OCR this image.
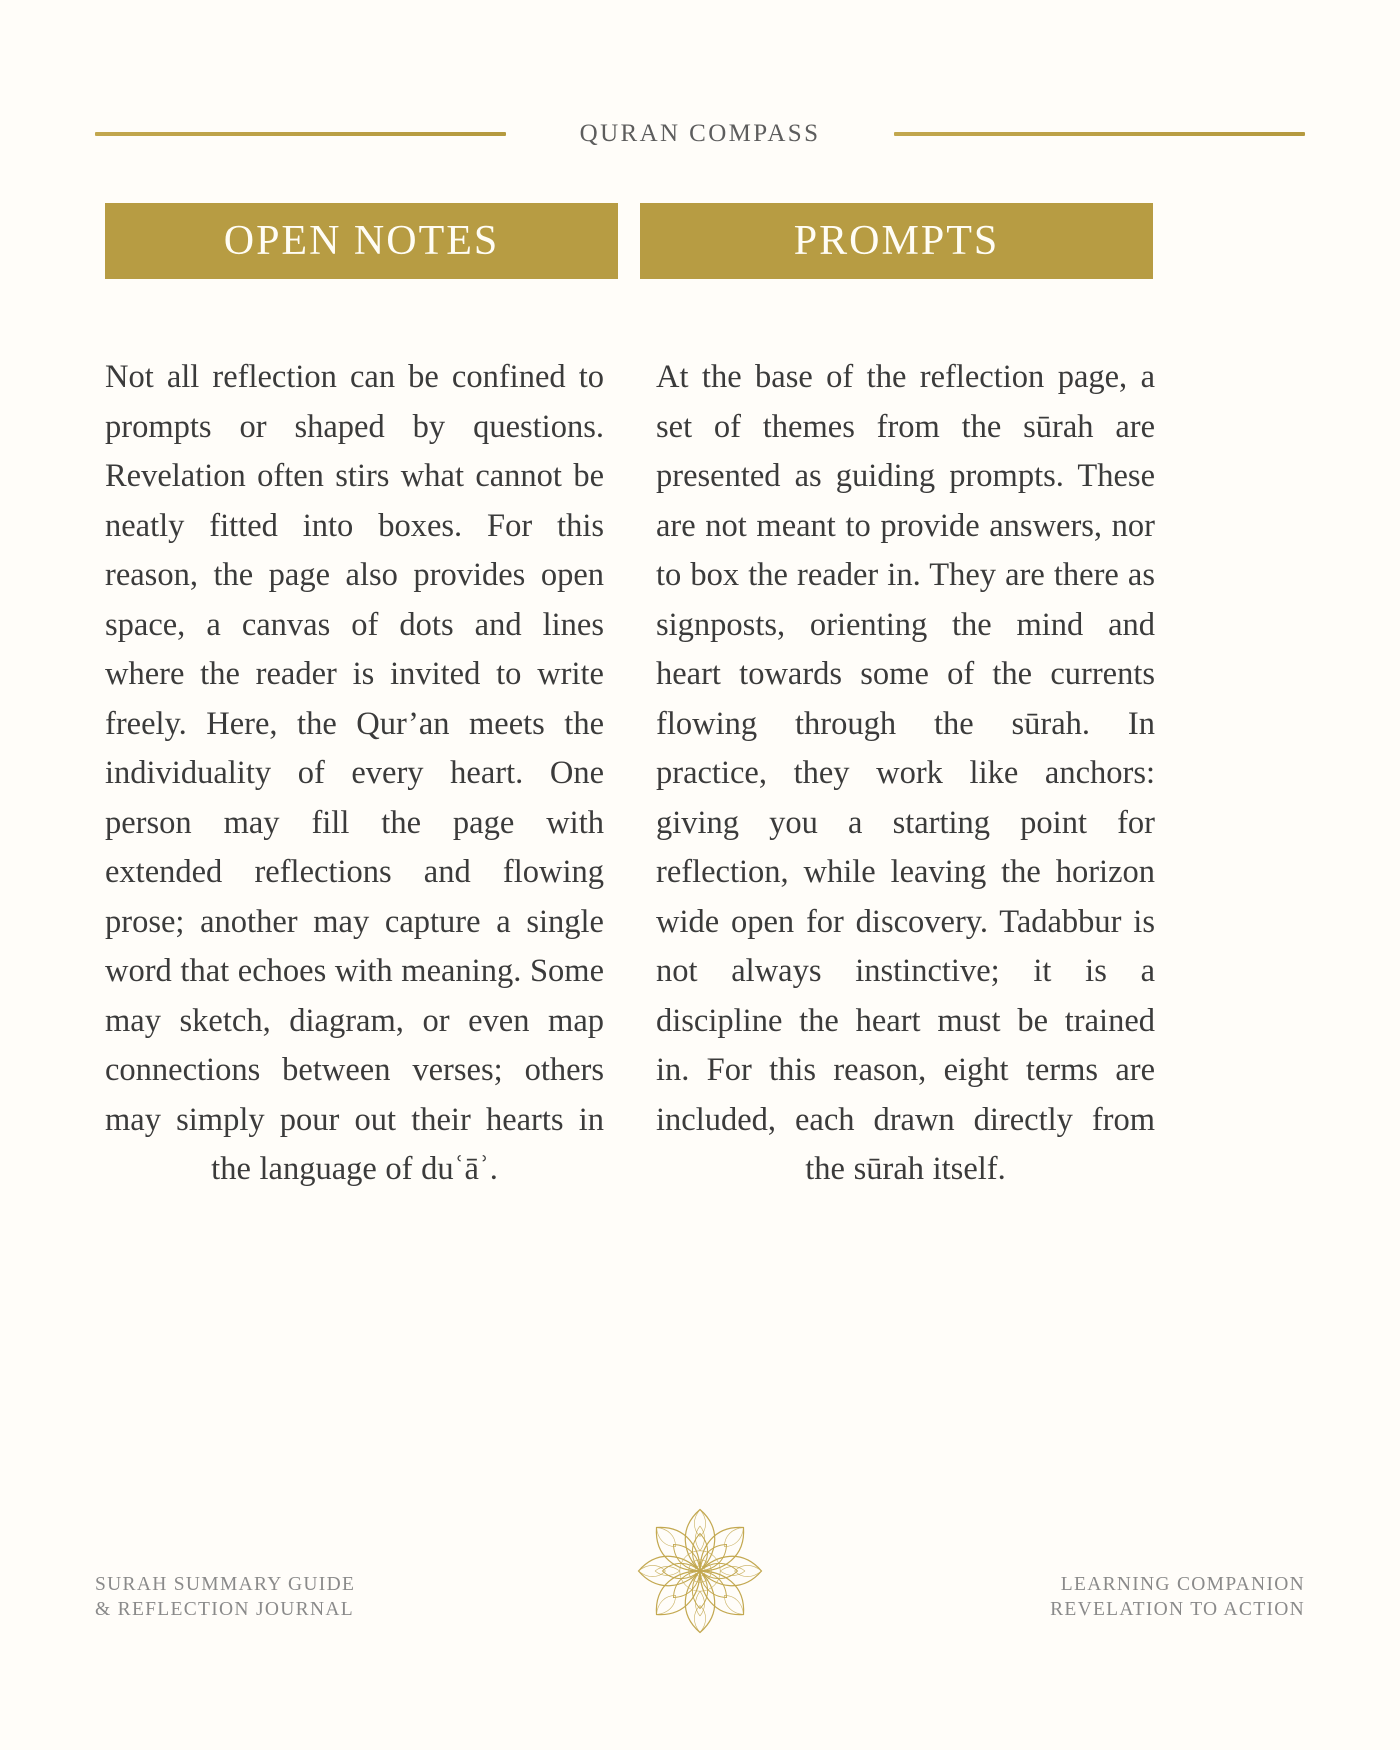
QURAN COMPASS
OPEN NOTES	PROMPTS

Not all reflection can be confined to prompts or shaped by questions. Revelation often stirs what cannot be neatly fitted into boxes. For this reason, the page also provides open space, a canvas of dots and lines where the reader is invited to write freely. Here, the Qur’an meets the individuality of every heart. One person may fill the page with extended reflections and flowing prose; another may capture a single word that echoes with meaning. Some may sketch, diagram, or even map connections between verses; others may simply pour out their hearts in the language of duʿāʾ.

At the base of the reflection page, a set of themes from the sūrah are presented as guiding prompts. These are not meant to provide answers, nor to box the reader in. They are there as signposts, orienting the mind and heart towards some of the currents flowing through the sūrah. In practice, they work like anchors: giving you a starting point for reflection, while leaving the horizon wide open for discovery. Tadabbur is not always instinctive; it is a discipline the heart must be trained in. For this reason, eight terms are included, each drawn directly from the sūrah itself.

SURAH SUMMARY GUIDE
& REFLECTION JOURNAL
LEARNING COMPANION
REVELATION TO ACTION
